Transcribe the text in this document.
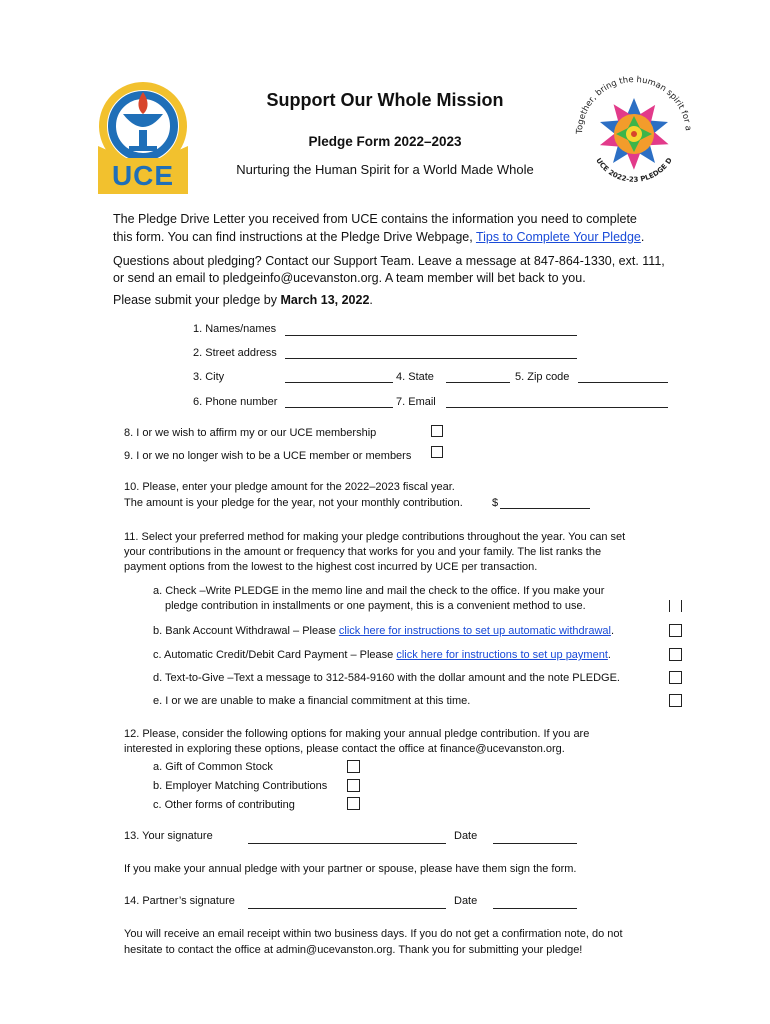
UCE
Together, bring the human spirit for a
UCE 2022-23 PLEDGE D
Support Our Whole Mission
Pledge Form 2022–2023
Nurturing the Human Spirit for a World Made Whole
The Pledge Drive Letter you received from UCE contains the information you need to complete
this form. You can find instructions at the Pledge Drive Webpage, Tips to Complete Your Pledge.
Questions about pledging? Contact our Support Team. Leave a message at 847-864-1330, ext. 111,
or send an email to pledgeinfo@ucevanston.org. A team member will bet back to you.
Please submit your pledge by March 13, 2022.
1. Names/names
2. Street address
3. City	4. State	5. Zip code
6. Phone number	7. Email
8. I or we wish to affirm my or our UCE membership
9. I or we no longer wish to be a UCE member or members
10. Please, enter your pledge amount for the 2022–2023 fiscal year.
The amount is your pledge for the year, not your monthly contribution.	$
11. Select your preferred method for making your pledge contributions throughout the year. You can set
your contributions in the amount or frequency that works for you and your family. The list ranks the
payment options from the lowest to the highest cost incurred by UCE per transaction.
a. Check –Write PLEDGE in the memo line and mail the check to the office. If you make your
pledge contribution in installments or one payment, this is a convenient method to use.
b. Bank Account Withdrawal – Please click here for instructions to set up automatic withdrawal.
c. Automatic Credit/Debit Card Payment – Please click here for instructions to set up payment.
d. Text-to-Give –Text a message to 312-584-9160 with the dollar amount and the note PLEDGE.
e. I or we are unable to make a financial commitment at this time.
12. Please, consider the following options for making your annual pledge contribution. If you are
interested in exploring these options, please contact the office at finance@ucevanston.org.
a. Gift of Common Stock
b. Employer Matching Contributions
c. Other forms of contributing
13. Your signature	Date
If you make your annual pledge with your partner or spouse, please have them sign the form.
14. Partner’s signature	Date
You will receive an email receipt within two business days. If you do not get a confirmation note, do not
hesitate to contact the office at admin@ucevanston.org. Thank you for submitting your pledge!
